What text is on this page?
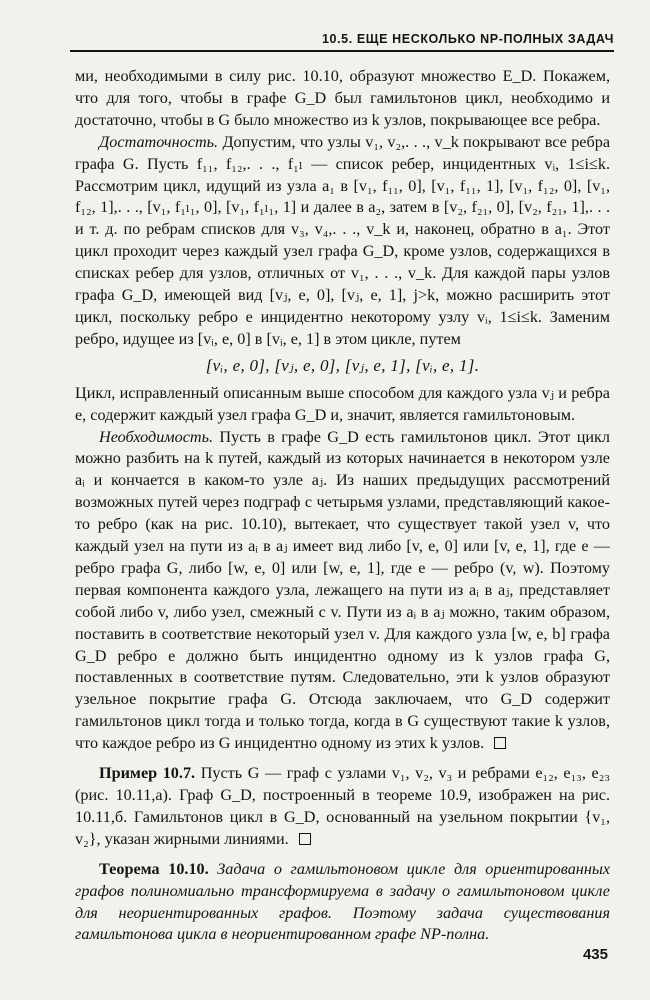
10.5. ЕЩЕ НЕСКОЛЬКО NP-ПОЛНЫХ ЗАДАЧ

ми, необходимыми в силу рис. 10.10, образуют множество E_D. Покажем, что для того, чтобы в графе G_D был гамильтонов цикл, необходимо и достаточно, чтобы в G было множество из k узлов, покрывающее все ребра.

Достаточность. Допустим, что узлы v₁, v₂,. . ., v_k покрывают все ребра графа G. Пусть f₁₁, f₁₂,. . ., f₁ₗ — список ребер, инцидентных vᵢ, 1≤i≤k. Рассмотрим цикл, идущий из узла a₁ в [v₁, f₁₁, 0], [v₁, f₁₁, 1], [v₁, f₁₂, 0], [v₁, f₁₂, 1],. . ., [v₁, f₁ₗ₁, 0], [v₁, f₁ₗ₁, 1] и далее в a₂, затем в [v₂, f₂₁, 0], [v₂, f₂₁, 1],. . . и т. д. по ребрам списков для v₃, v₄,. . ., v_k и, наконец, обратно в a₁. Этот цикл проходит через каждый узел графа G_D, кроме узлов, содержащихся в списках ребер для узлов, отличных от v₁, . . ., v_k. Для каждой пары узлов графа G_D, имеющей вид [vⱼ, e, 0], [vⱼ, e, 1], j>k, можно расширить этот цикл, поскольку ребро e инцидентно некоторому узлу vᵢ, 1≤i≤k. Заменим ребро, идущее из [vᵢ, e, 0] в [vᵢ, e, 1] в этом цикле, путем

[vᵢ, e, 0], [vⱼ, e, 0], [vⱼ, e, 1], [vᵢ, e, 1].

Цикл, исправленный описанным выше способом для каждого узла vⱼ и ребра e, содержит каждый узел графа G_D и, значит, является гамильтоновым.

Необходимость. Пусть в графе G_D есть гамильтонов цикл. Этот цикл можно разбить на k путей, каждый из которых начинается в некотором узле aᵢ и кончается в каком-то узле aⱼ. Из наших предыдущих рассмотрений возможных путей через подграф с четырьмя узлами, представляющий какое-то ребро (как на рис. 10.10), вытекает, что существует такой узел v, что каждый узел на пути из aᵢ в aⱼ имеет вид либо [v, e, 0] или [v, e, 1], где e — ребро графа G, либо [w, e, 0] или [w, e, 1], где e — ребро (v, w). Поэтому первая компонента каждого узла, лежащего на пути из aᵢ в aⱼ, представляет собой либо v, либо узел, смежный с v. Пути из aᵢ в aⱼ можно, таким образом, поставить в соответствие некоторый узел v. Для каждого узла [w, e, b] графа G_D ребро e должно быть инцидентно одному из k узлов графа G, поставленных в соответствие путям. Следовательно, эти k узлов образуют узельное покрытие графа G. Отсюда заключаем, что G_D содержит гамильтонов цикл тогда и только тогда, когда в G существуют такие k узлов, что каждое ребро из G инцидентно одному из этих k узлов.

Пример 10.7. Пусть G — граф с узлами v₁, v₂, v₃ и ребрами e₁₂, e₁₃, e₂₃ (рис. 10.11,а). Граф G_D, построенный в теореме 10.9, изображен на рис. 10.11,б. Гамильтонов цикл в G_D, основанный на узельном покрытии {v₁, v₂}, указан жирными линиями.

Теорема 10.10. Задача о гамильтоновом цикле для ориентированных графов полиномиально трансформируема в задачу о гамильтоновом цикле для неориентированных графов. Поэтому задача существования гамильтонова цикла в неориентированном графе NP-полна.

435
